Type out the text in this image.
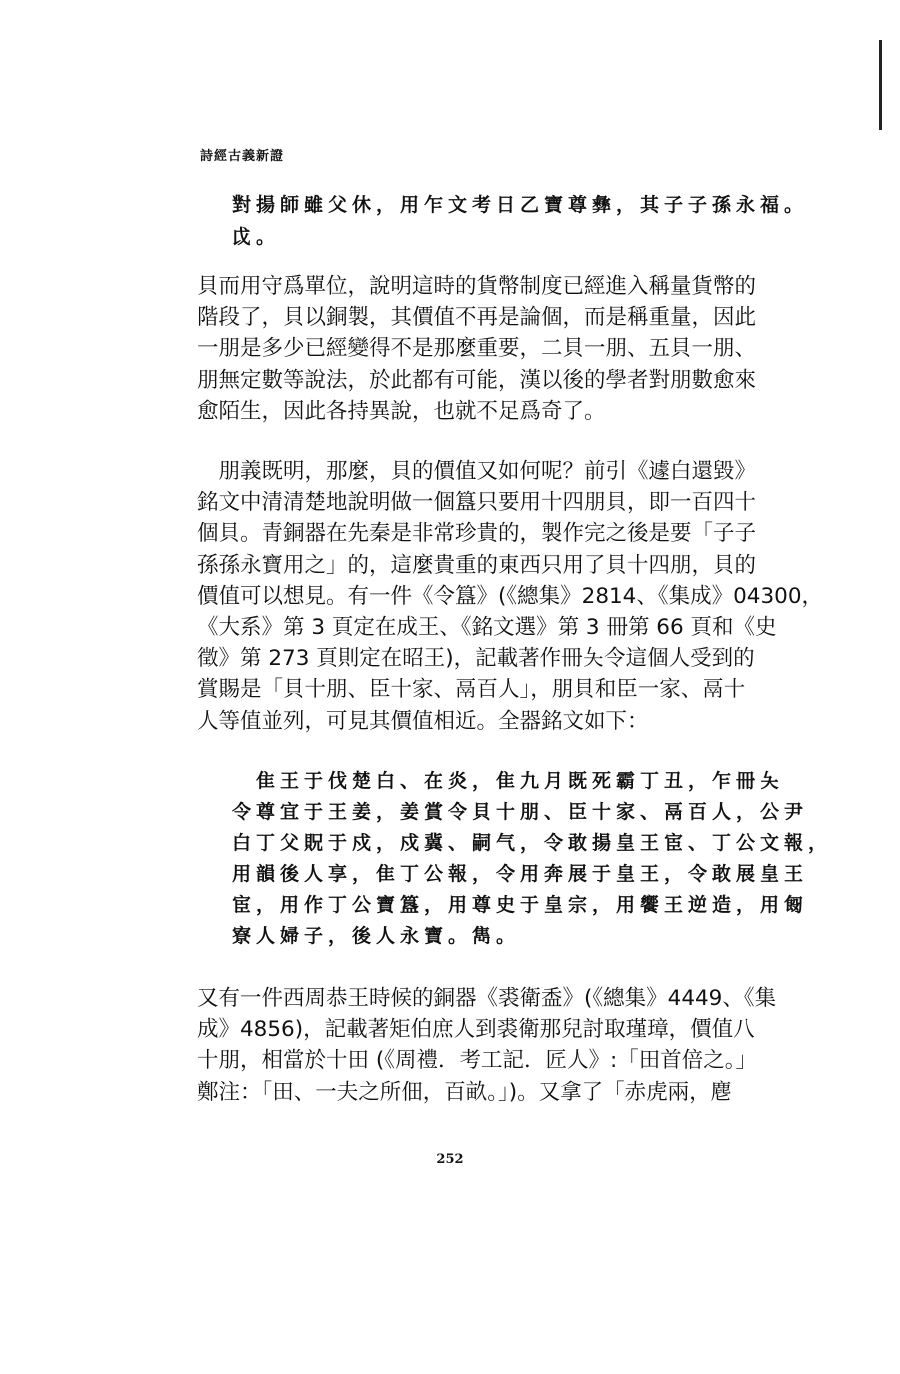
詩經古義新證
對揚師雖父休，用乍文考日乙寶尊彝，其子子孫永福。
戉。
貝而用守爲單位，說明這時的貨幣制度已經進入稱量貨幣的
階段了，貝以銅製，其價值不再是論個，而是稱重量，因此
一朋是多少已經變得不是那麼重要，二貝一朋、五貝一朋、
朋無定數等說法，於此都有可能，漢以後的學者對朋數愈來
愈陌生，因此各持異說，也就不足爲奇了。
　朋義既明，那麼，貝的價值又如何呢？前引《遽白還毀》
銘文中清清楚地說明做一個簋只要用十四朋貝，即一百四十
個貝。青銅器在先秦是非常珍貴的，製作完之後是要「子子
孫孫永寶用之」的，這麼貴重的東西只用了貝十四朋，貝的
價值可以想見。有一件《令簋》(《總集》2814、《集成》04300，
《大系》第 3 頁定在成王、《銘文選》第 3 冊第 66 頁和《史
徵》第 273 頁則定在昭王)，記載著作冊夨令這個人受到的
賞賜是「貝十朋、臣十家、鬲百人」，朋貝和臣一家、鬲十
人等值並列，可見其價值相近。全器銘文如下：
　隹王于伐楚白、在炎，隹九月既死霸丁丑，乍冊夨
令尊宜于王姜，姜賞令貝十朋、臣十家、鬲百人，公尹
白丁父貺于戍，戍冀、嗣气，令敢揚皇王宦、丁公文報，
用韻後人享，隹丁公報，令用奔展于皇王，令敢展皇王
宦，用作丁公寶簋，用尊史于皇宗，用饗王逆造，用匓
寮人婦子，後人永寶。雋。
又有一件西周恭王時候的銅器《裘衛盉》(《總集》4449、《集
成》4856)，記載著矩伯庶人到裘衛那兒討取瑾璋，價值八
十朋，相當於十田 (《周禮．考工記．匠人》:「田首倍之。」
鄭注：「田、一夫之所佃，百畝。」)。又拿了「赤虎兩，麀
252
